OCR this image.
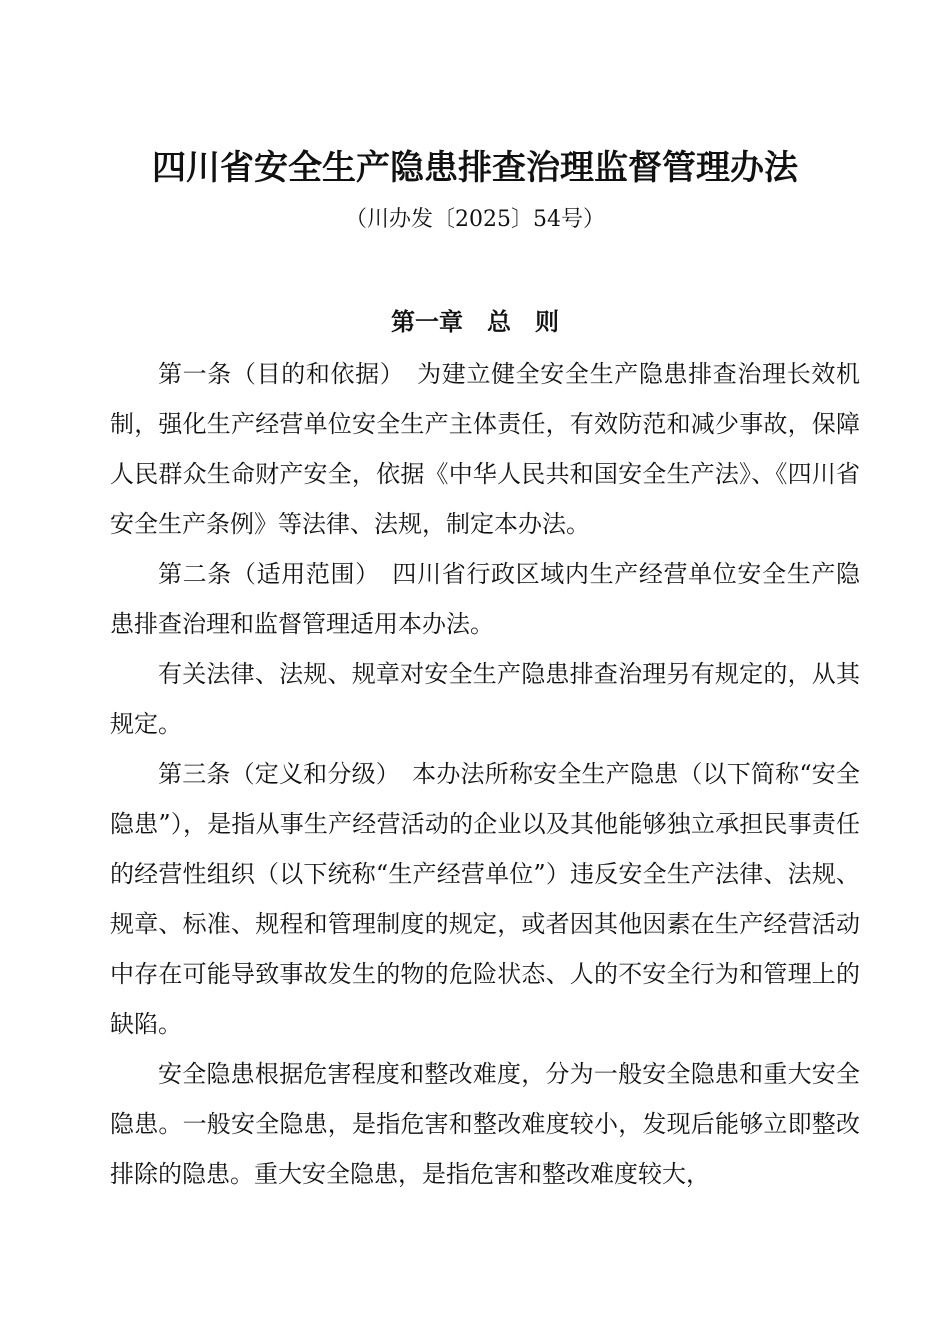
四川省安全生产隐患排查治理监督管理办法
（川办发〔2025〕54号）
第一章　总　则

第一条（目的和依据）　为建立健全安全生产隐患排查治理长效机制，强化生产经营单位安全生产主体责任，有效防范和减少事故，保障人民群众生命财产安全，依据《中华人民共和国安全生产法》、《四川省安全生产条例》等法律、法规，制定本办法。

第二条（适用范围）　四川省行政区域内生产经营单位安全生产隐患排查治理和监督管理适用本办法。

有关法律、法规、规章对安全生产隐患排查治理另有规定的，从其规定。

第三条（定义和分级）　本办法所称安全生产隐患（以下简称“安全隐患”），是指从事生产经营活动的企业以及其他能够独立承担民事责任的经营性组织（以下统称“生产经营单位”）违反安全生产法律、法规、规章、标准、规程和管理制度的规定，或者因其他因素在生产经营活动中存在可能导致事故发生的物的危险状态、人的不安全行为和管理上的缺陷。

安全隐患根据危害程度和整改难度，分为一般安全隐患和重大安全隐患。一般安全隐患，是指危害和整改难度较小，发现后能够立即整改排除的隐患。重大安全隐患，是指危害和整改难度较大，
